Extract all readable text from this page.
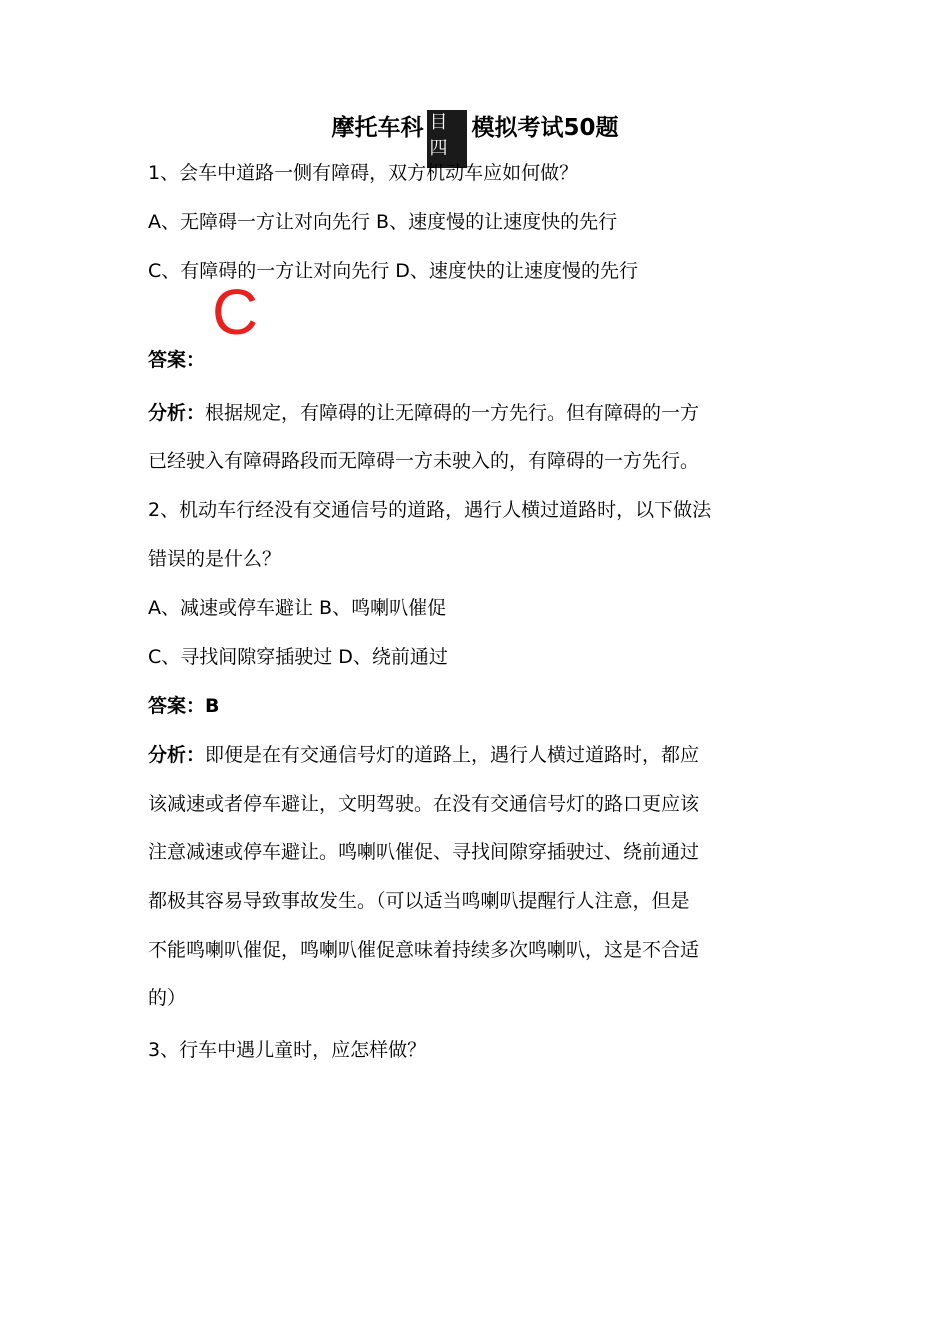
摩托车科 目
四模拟考试50题
1、会车中道路一侧有障碍，双方机动车应如何做？
A、无障碍一方让对向先行 B、速度慢的让速度快的先行
C、有障碍的一方让对向先行 D、速度快的让速度慢的先行
C
答案：
分析：根据规定，有障碍的让无障碍的一方先行。但有障碍的一方
已经驶入有障碍路段而无障碍一方未驶入的，有障碍的一方先行。
2、机动车行经没有交通信号的道路，遇行人横过道路时，以下做法
错误的是什么？
A、减速或停车避让 B、鸣喇叭催促
C、寻找间隙穿插驶过 D、绕前通过
答案：B
分析：即便是在有交通信号灯的道路上，遇行人横过道路时，都应
该减速或者停车避让，文明驾驶。在没有交通信号灯的路口更应该
注意减速或停车避让。鸣喇叭催促、寻找间隙穿插驶过、绕前通过
都极其容易导致事故发生。（可以适当鸣喇叭提醒行人注意，但是
不能鸣喇叭催促，鸣喇叭催促意味着持续多次鸣喇叭，这是不合适
的）
3、行车中遇儿童时，应怎样做？
